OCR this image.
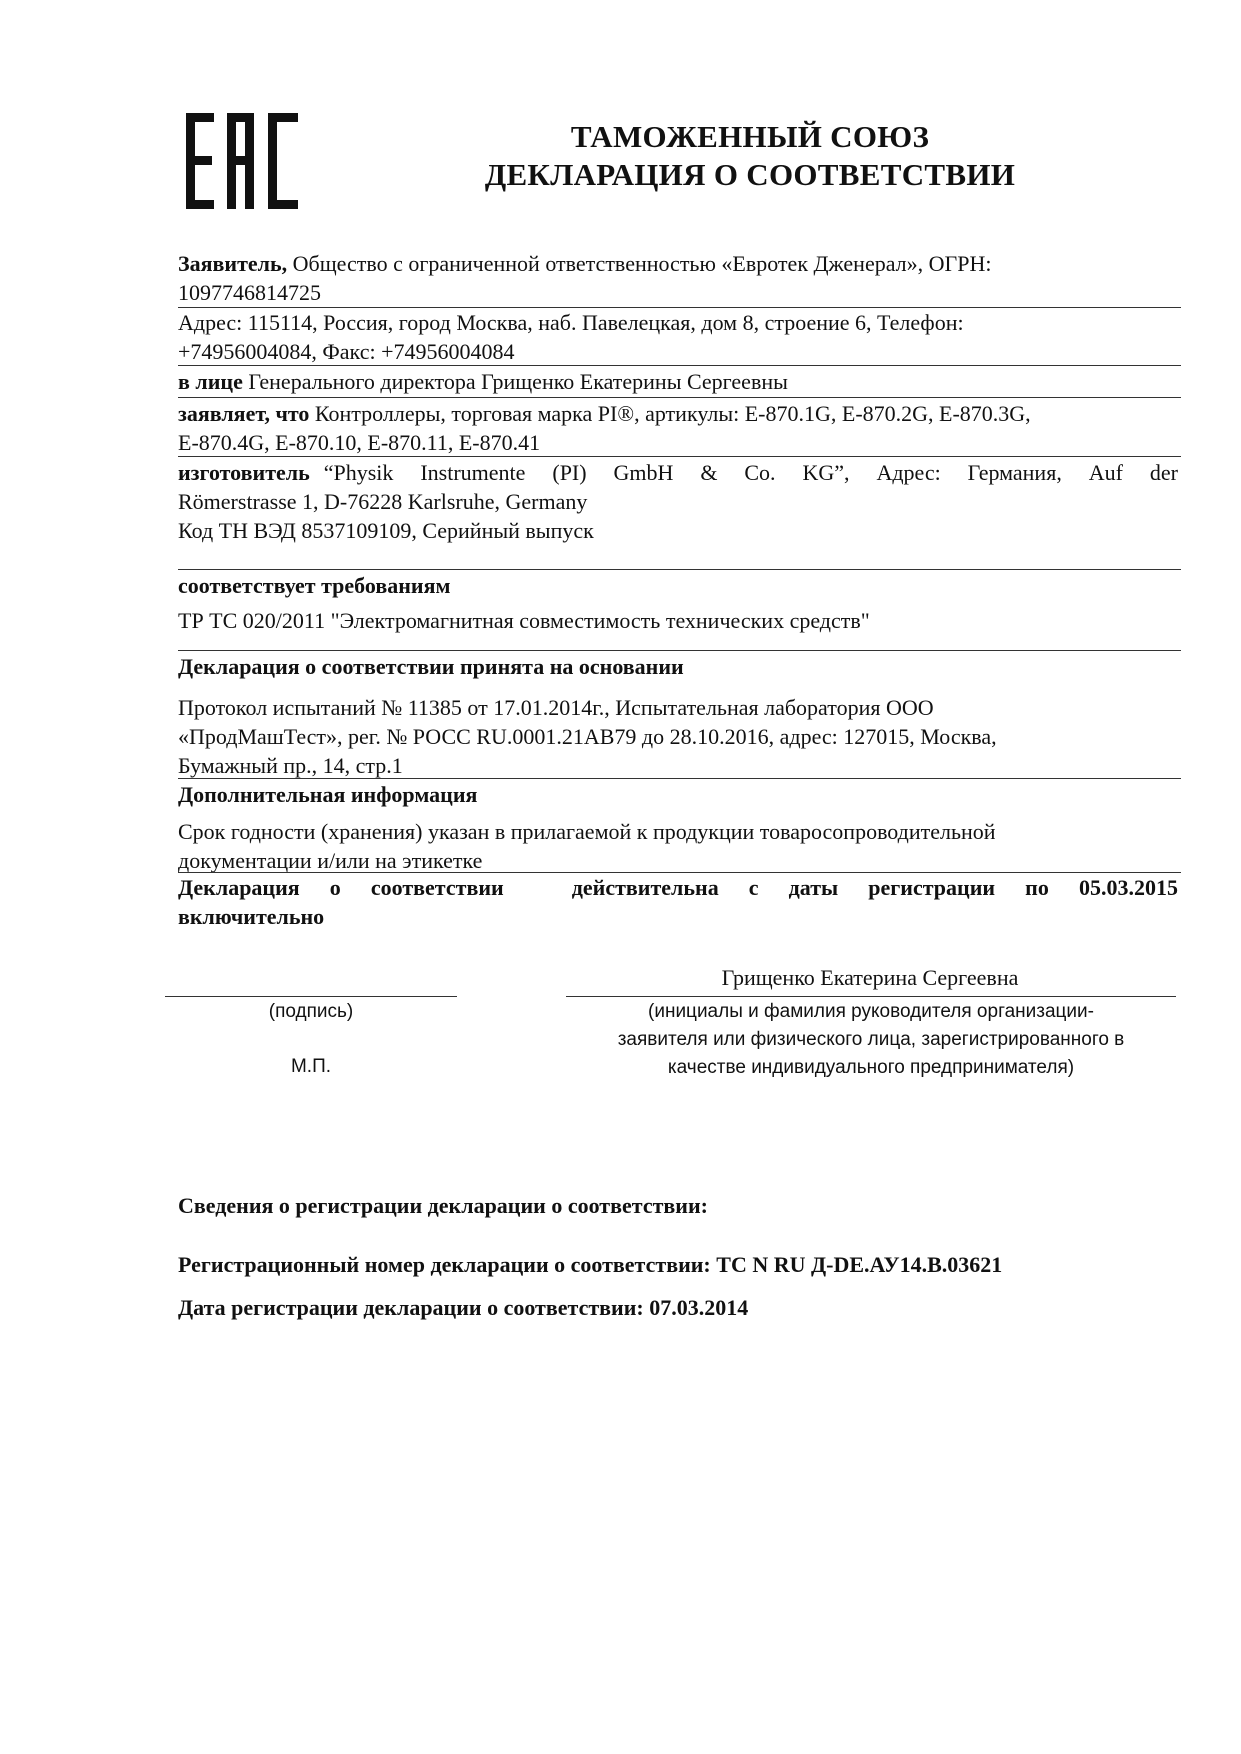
ТАМОЖЕННЫЙ СОЮЗ
ДЕКЛАРАЦИЯ О СООТВЕТСТВИИ
Заявитель, Общество с ограниченной ответственностью «Евротек Дженерал», ОГРН:
1097746814725
Адрес: 115114, Россия, город Москва, наб. Павелецкая, дом 8, строение 6, Телефон:
+74956004084, Факс: +74956004084
в лице Генерального директора Грищенко Екатерины Сергеевны
заявляет, что Контроллеры, торговая марка PI®, артикулы: E-870.1G, E-870.2G, E-870.3G,
E-870.4G, E-870.10, E-870.11, E-870.41
изготовитель “Physik Instrumente (PI) GmbH & Co. KG”, Адрес: Германия, Auf der
Römerstrasse 1, D-76228 Karlsruhe, Germany
Код ТН ВЭД 8537109109, Серийный выпуск
соответствует требованиям
ТР ТС 020/2011 "Электромагнитная совместимость технических средств"
Декларация о соответствии принята на основании
Протокол испытаний № 11385 от 17.01.2014г., Испытательная лаборатория ООО
«ПродМашТест», рег. № РОСС RU.0001.21АВ79 до 28.10.2016, адрес: 127015, Москва,
Бумажный пр., 14, стр.1
Дополнительная информация
Срок годности (хранения) указан в прилагаемой к продукции товаросопроводительной
документации и/или на этикетке
Декларация о соответствии	действительна с даты регистрации по 05.03.2015
включительно
Грищенко Екатерина Сергеевна
(подпись)
М.П.
(инициалы и фамилия руководителя организации-
заявителя или физического лица, зарегистрированного в
качестве индивидуального предпринимателя)
Сведения о регистрации декларации о соответствии:
Регистрационный номер декларации о соответствии: ТС N RU Д-DE.АУ14.В.03621
Дата регистрации декларации о соответствии: 07.03.2014
